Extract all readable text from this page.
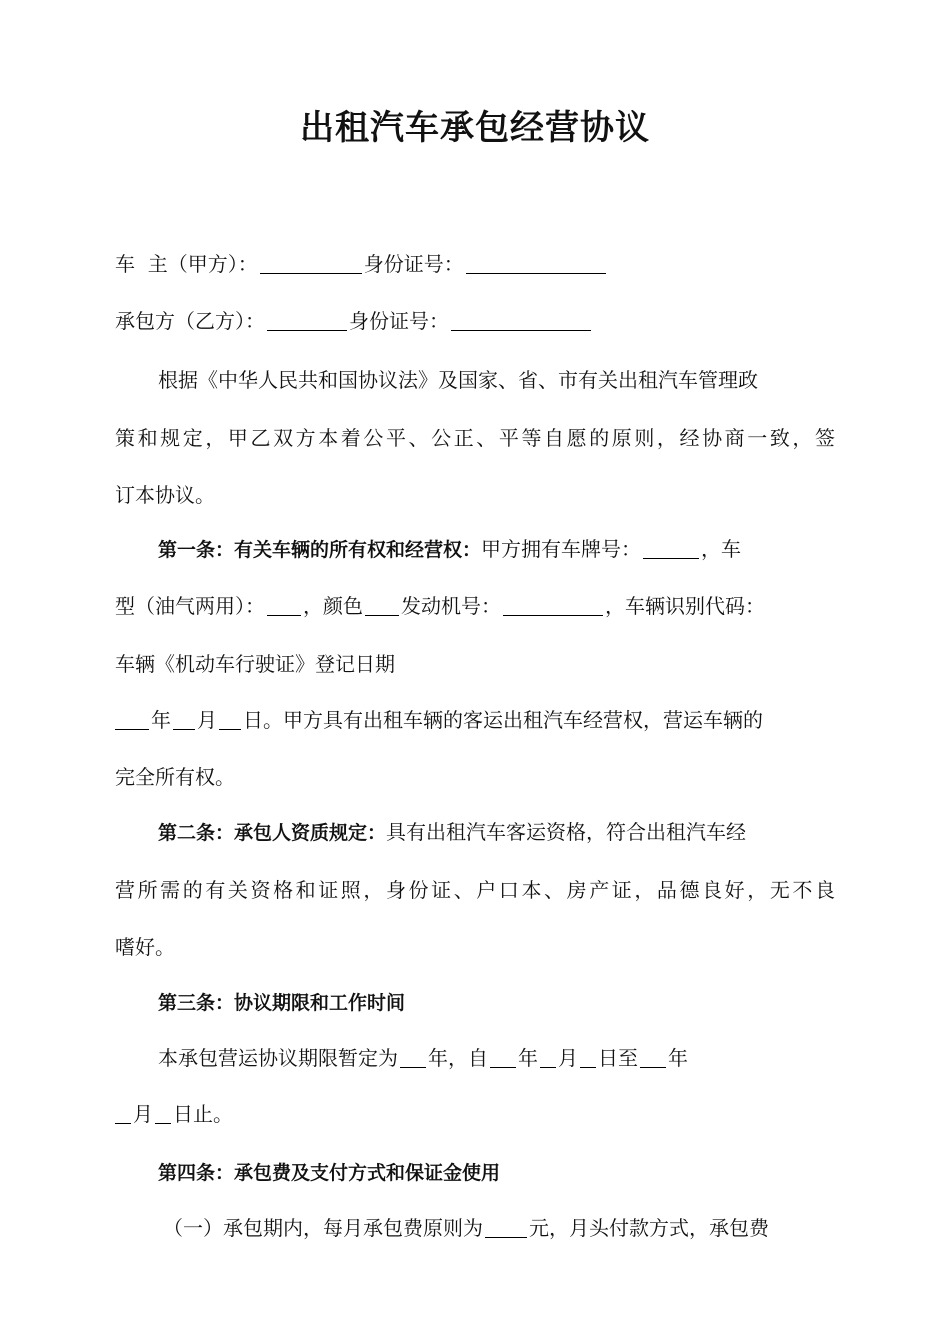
出租汽车承包经营协议
车  主（甲方）：	身份证号：
承包方（乙方）：	身份证号：
根据《中华人民共和国协议法》及国家、省、市有关出租汽车管理政
策和规定，甲乙双方本着公平、公正、平等自愿的原则，经协商一致，签
订本协议。
第一条：有关车辆的所有权和经营权：甲方拥有车牌号：	，车
型（油气两用）： ，颜色 发动机号：	，车辆识别代码：
车辆《机动车行驶证》登记日期
年 月 日。甲方具有出租车辆的客运出租汽车经营权，营运车辆的
完全所有权。
第二条：承包人资质规定：具有出租汽车客运资格，符合出租汽车经
营所需的有关资格和证照，身份证、户口本、房产证，品德良好，无不良
嗜好。
第三条：协议期限和工作时间
本承包营运协议期限暂定为 年，自 年 月 日至 年
月 日止。
第四条：承包费及支付方式和保证金使用
（一）承包期内，每月承包费原则为 元，月头付款方式，承包费
